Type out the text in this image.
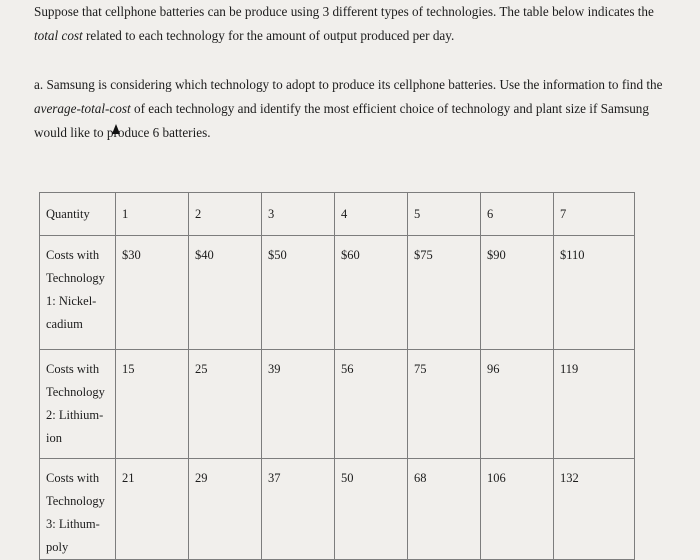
Suppose that cellphone batteries can be produce using 3 different types of technologies. The table below indicates the total cost related to each technology for the amount of output produced per day.

a. Samsung is considering which technology to adopt to produce its cellphone batteries. Use the information to find the average-total-cost of each technology and identify the most efficient choice of technology and plant size if Samsung would like to produce 6 batteries.

Quantity	1	2	3	4	5	6	7

Costs with
Technology
1: Nickel-
cadium	$30	$40	$50	$60	$75	$90	$110

Costs with
Technology
2: Lithium-
ion	15	25	39	56	75	96	119

Costs with
Technology
3: Lithum-
poly	21	29	37	50	68	106	132
